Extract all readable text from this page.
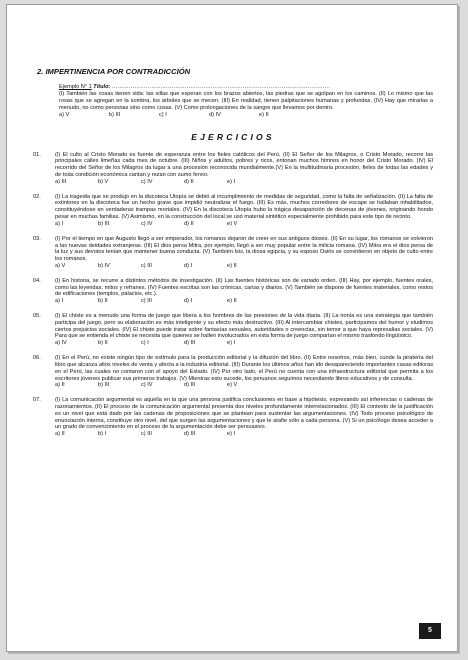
2. IMPERTINENCIA POR CONTRADICCIÓN
Ejemplo N° 1 Título: ………………………………………………………………………………………………………
(I) También las cosas tienen vida: las sillas que esperan con los brazos abiertos, las piedras que se agolpan en los caminos. (II) Lo mismo que las rosas que se agregan en la sombra, los árboles que se mecen. (III) En realidad, tienen palpitaciones humanas y profundas. (IV) Hay que mirarlas a menudo, no como personas sino como cosas. (V) Como prolongaciones de la sangre que llevamos por dentro.
a) V	b) III	c) I	d) IV	e) II
EJERCICIOS
01.	(I) El culto al Cristo Morado es fuente de esperanza entre los fieles católicos del Perú. (II) El Señor de los Milagros, o Cristo Morado, recorre las principales calles limeñas cada mes de octubre. (III) Niños y adultos, pobres y ricos, entonan muchos himnos en honor del Cristo Morado. (IV) El recorrido del Señor de los Milagros da lugar a una procesión reconocida mundialmente.(V) En la multitudinaria procesión, fieles de todas las edades y de toda condición económica cantan y rezan con sumo fervor.
a) III	b) V	c) IV	d) II	e) I
02.	(I) La tragedia que se produjo en la discoteca Utopía se debió al incumplimiento de medidas de seguridad, como la falta de señalización. (II) La falta de extintores en la discoteca fue un hecho grave que impidió neutralizar el fuego. (III) Es más, muchos corredores de escape se hallaban inhabilitados, constituyéndose en verdaderas trampas mortales. (IV) En la discoteca Utopía hubo la trágica desaparición de decenas de jóvenes, originando hondo pesar en muchas familias. (V) Asimismo, en la construcción del local se usó material sintético especialmente prohibido para este tipo de recinto.
a) I	b) III	c) IV	d) II	e) V
03.	(I) Por el tiempo en que Augusto llegó a ser emperador, los romanos dejaron de creer en sus antiguos dioses. (II) En su lugar, los romanos se volvieron a las nuevas deidades extranjeras. (III) El dios persa Mitra, por ejemplo, llegó a ser muy popular entre la milicia romana. (IV) Mitra era el dios persa de la luz y sus devotos tenían que mantener buena conducta. (V) También Isis, la diosa egipcia, y su esposo Osiris se convirtieron en objeto de culto entre los romanos.
a) V	b) IV	c) III	d) I	e) II
04.	(I) En historia, se recurre a distintos métodos de investigación. (II) Las fuentes históricas son de variado orden. (III) Hay, por ejemplo, fuentes orales, como las leyendas, mitos y refranes. (IV) Fuentes escritas son las crónicas, cartas y diarios. (V) También se dispone de fuentes materiales, como restos de edificaciones (templos, palacios, etc.).
a) I	b) II	c) III	d) I	e) II
05.	(I) El chiste es a menudo una forma de juego que libera a los hombres de las presiones de la vida diaria. (II) La ironía es una estrategia que también participa del juego, pero su elaboración es más inteligente y su efecto más destructivo. (III) Al intercambiar chistes, participamos del humor y eludimos ciertos prejuicios sociales. (IV) El chiste puede tratar sobre fantasías sexuales, autoridades o creencias, sin temor a que haya represalias sociales. (V) Para que se entienda el chiste se necesita que quienes se hallen involucrados en esta forma de juego compartan el mismo trasfondo lingüístico.
a) IV	b) II	c) I	d) III	e) I
06.	(I) En el Perú, no existe ningún tipo de estímulo para la producción editorial y la difusión del libro. (II) Entre nosotros, más bien, cunde la piratería del libro que alcanza altos niveles de venta y afecta a la industria editorial. (III) Durante los últimos años han ido desapareciendo importantes casas editoras en el Perú, las cuales no contaron con el apoyo del Estado. (IV) Por otro lado, el Perú no cuenta con una infraestructura editorial que permita a los escritores jóvenes publicar sus primeros trabajos. (V) Mientras esto sucede, los peruanos seguimos necesitando libros educativos y de consulta.
a) II	b) III	c) IV	d) III	e) V
07.	(I) La comunicación argumental es aquella en la que una persona justifica conclusiones en base a hipótesis, expresando así inferencias o cadenas de razonamientos. (II) El proceso de la comunicación argumental presenta dos niveles profundamente interrelacionados. (III) El contexto de la justificación es un nivel que está dado por las cadenas de proposiciones que se plantean para sustentar las argumentaciones. (IV) Todo proceso psicológico de enunciación interna, constituye otro nivel, del que surgen las argumentaciones y que le atañe sólo a cada persona. (V) Si un psicólogo desea acceder a un grado de convencimiento en el proceso de la argumentación debe ser persuasivo.
a) II	b) I	c) III	d) III	e) I
5
